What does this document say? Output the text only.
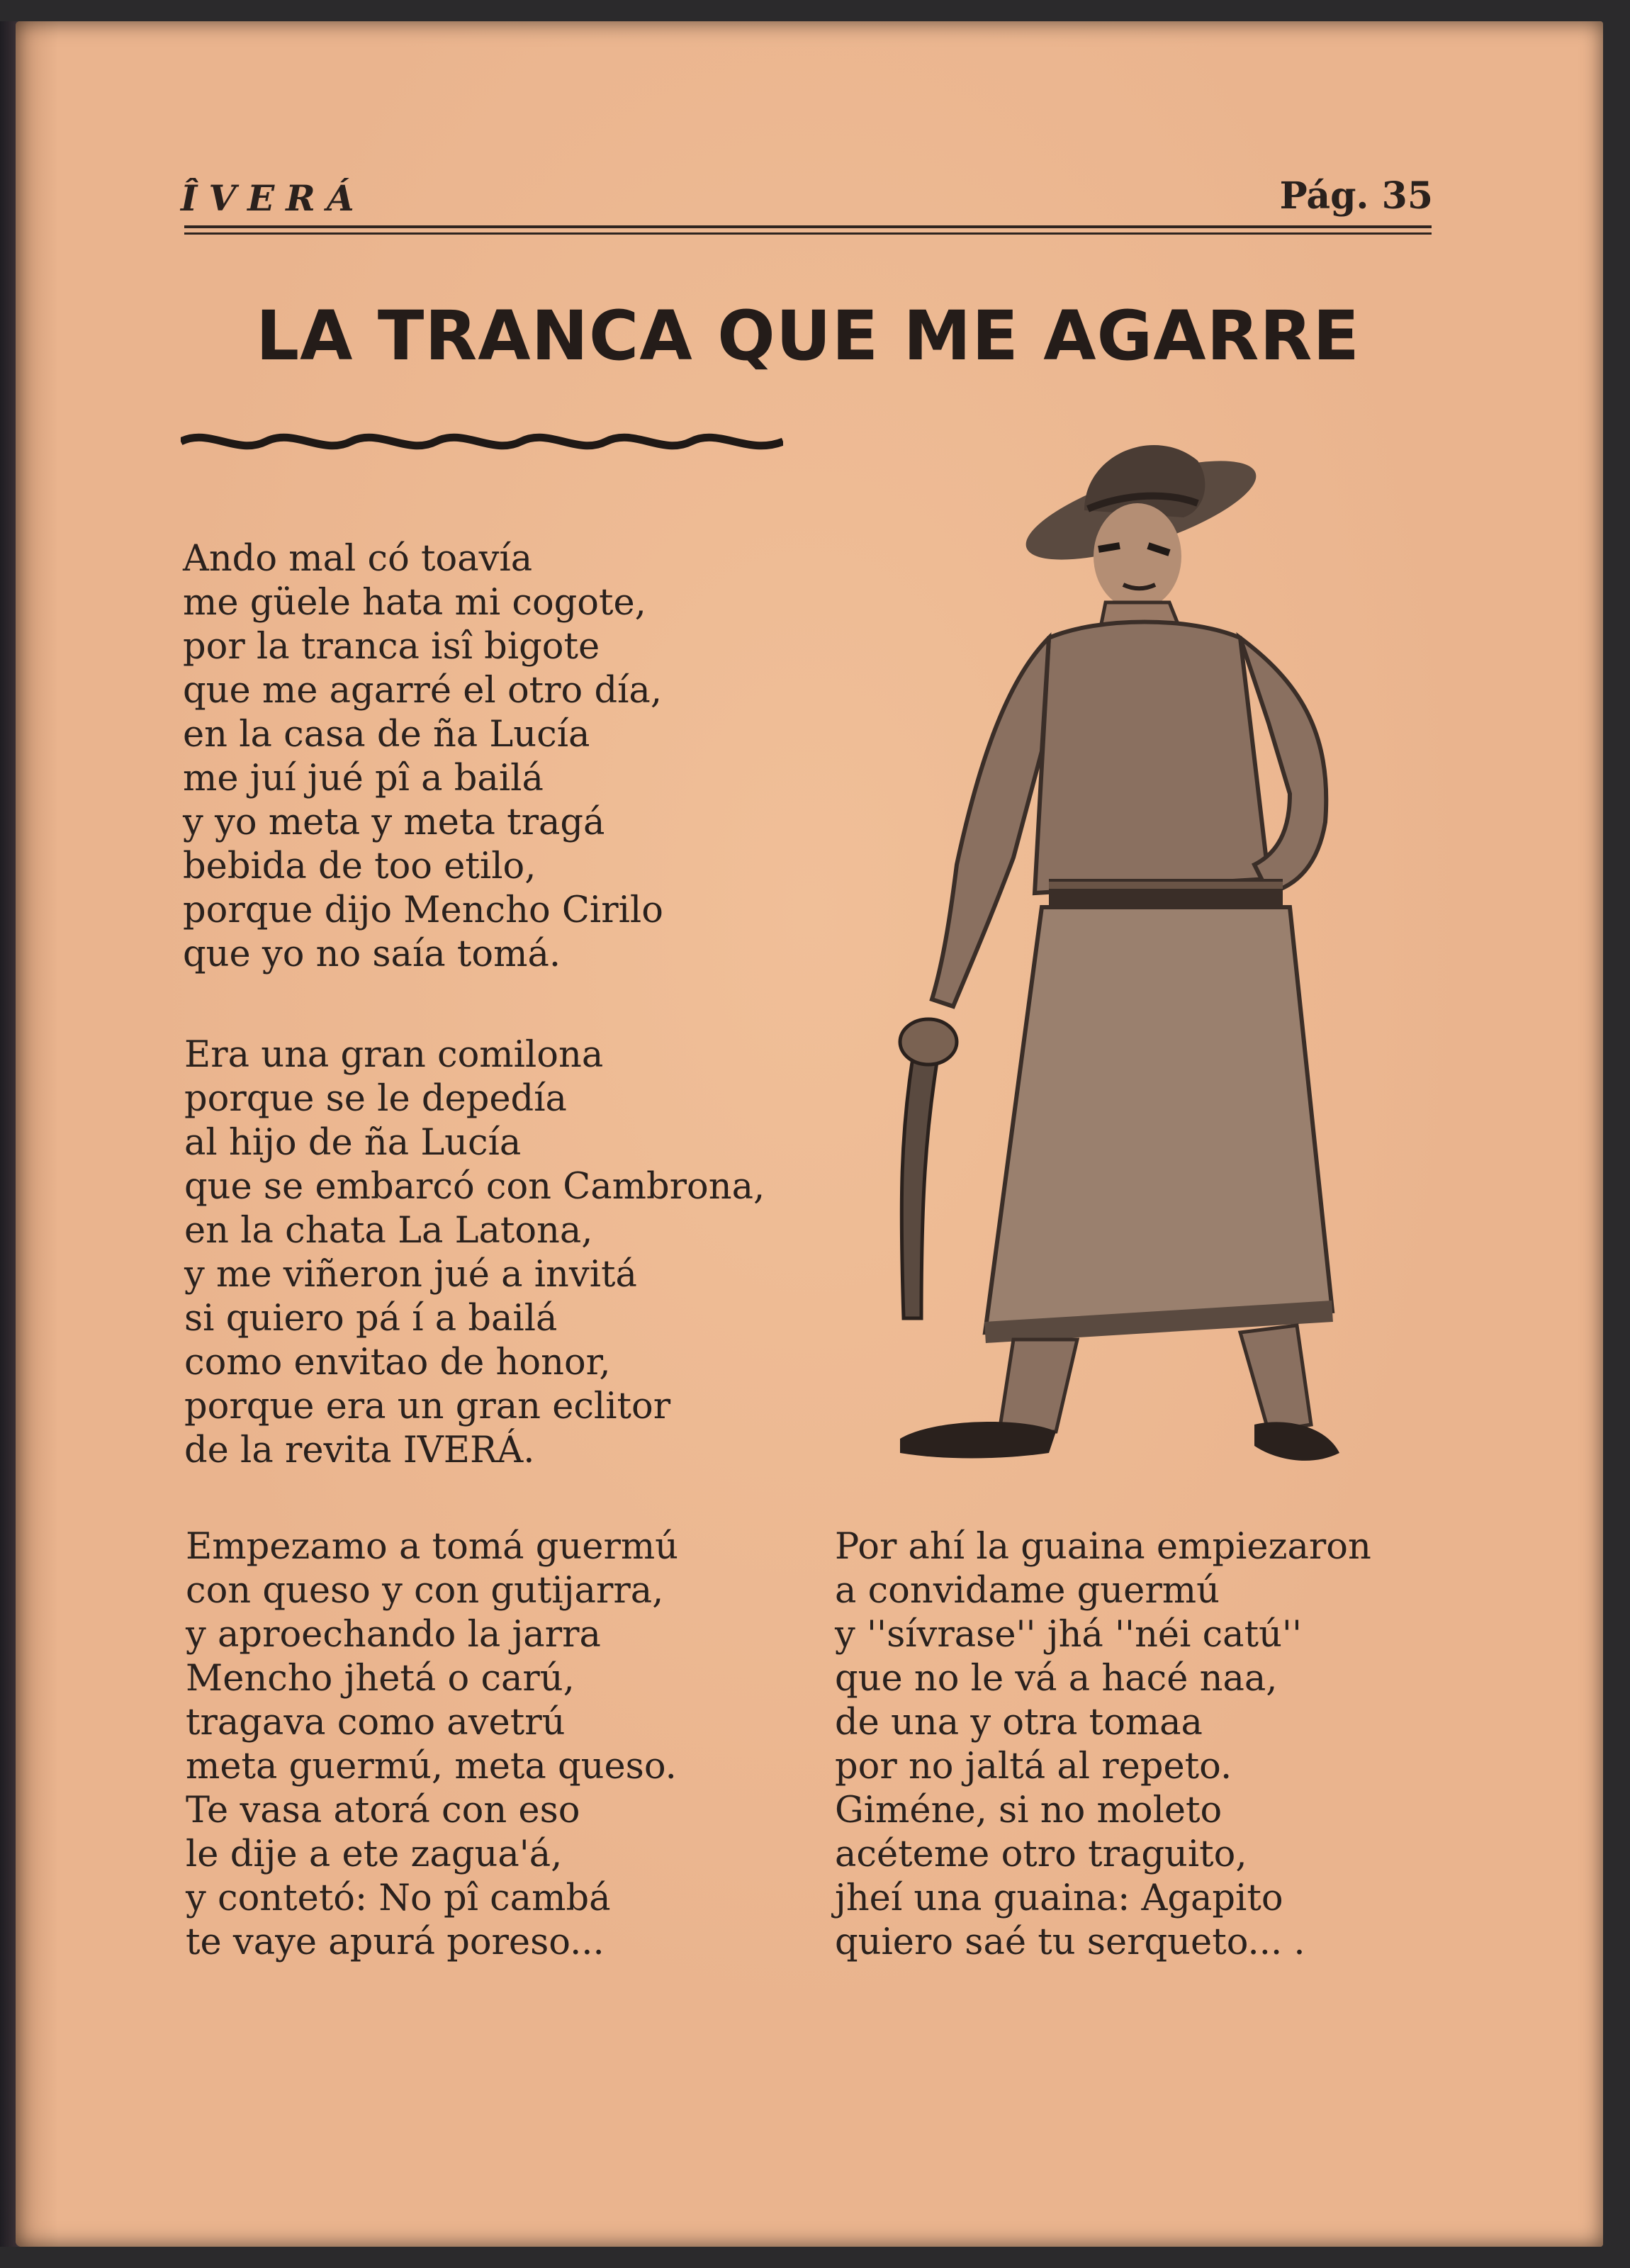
ÎVERÁ	Pág. 35
LA TRANCA QUE ME AGARRE
Ando mal có toavía
me güele hata mi cogote,
por la tranca isî bigote
que me agarré el otro día,
en la casa de ña Lucía
me juí jué pî a bailá
y yo meta y meta tragá
bebida de too etilo,
porque dijo Mencho Cirilo
que yo no saía tomá.
Era una gran comilona
porque se le depedía
al hijo de ña Lucía
que se embarcó con Cambrona,
en la chata La Latona,
y me viñeron jué a invitá
si quiero pá í a bailá
como envitao de honor,
porque era un gran eclitor
de la revita IVERÁ.
Empezamo a tomá guermú
con queso y con gutijarra,
y aproechando la jarra
Mencho jhetá o carú,
tragava como avetrú
meta guermú, meta queso.
Te vasa atorá con eso
le dije a ete zagua'á,
y contetó: No pî cambá
te vaye apurá poreso...
Por ahí la guaina empiezaron
a convidame guermú
y ''sívrase'' jhá ''néi catú''
que no le vá a hacé naa,
de una y otra tomaa
por no jaltá al repeto.
Giméne, si no moleto
acéteme otro traguito,
jheí una guaina: Agapito
quiero saé tu serqueto... .
